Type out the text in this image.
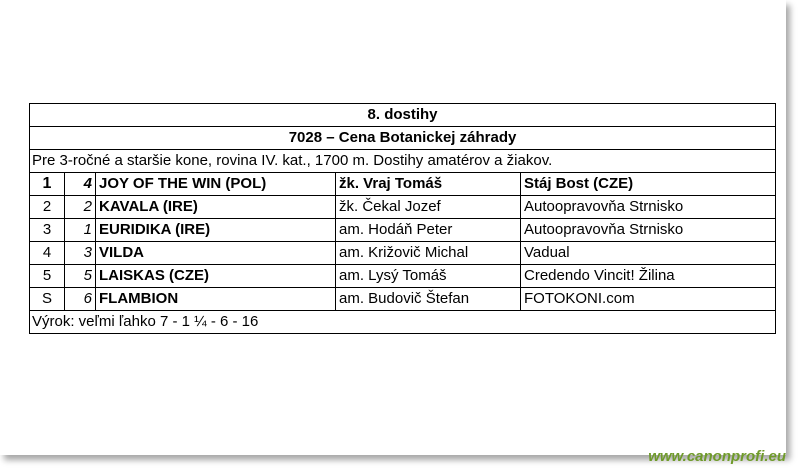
8. dostihy				
7028 – Cena Botanickej záhrady				
Pre 3-ročné a staršie kone, rovina IV. kat., 1700 m. Dostihy amatérov a žiakov.				
1	4	JOY OF THE WIN (POL)	žk. Vraj Tomáš	Stáj Bost (CZE)
2	2	KAVALA (IRE)	žk. Čekal Jozef	Autoopravovňa Strnisko
3	1	EURIDIKA (IRE)	am. Hodáň Peter	Autoopravovňa Strnisko
4	3	VILDA	am. Križovič Michal	Vadual
5	5	LAISKAS (CZE)	am. Lysý Tomáš	Credendo Vincit! Žilina
S	6	FLAMBION	am. Budovič Štefan	FOTOKONI.com
Výrok: veľmi ľahko 7 - 1 ¼ - 6 - 16				
www.canonprofi.eu
